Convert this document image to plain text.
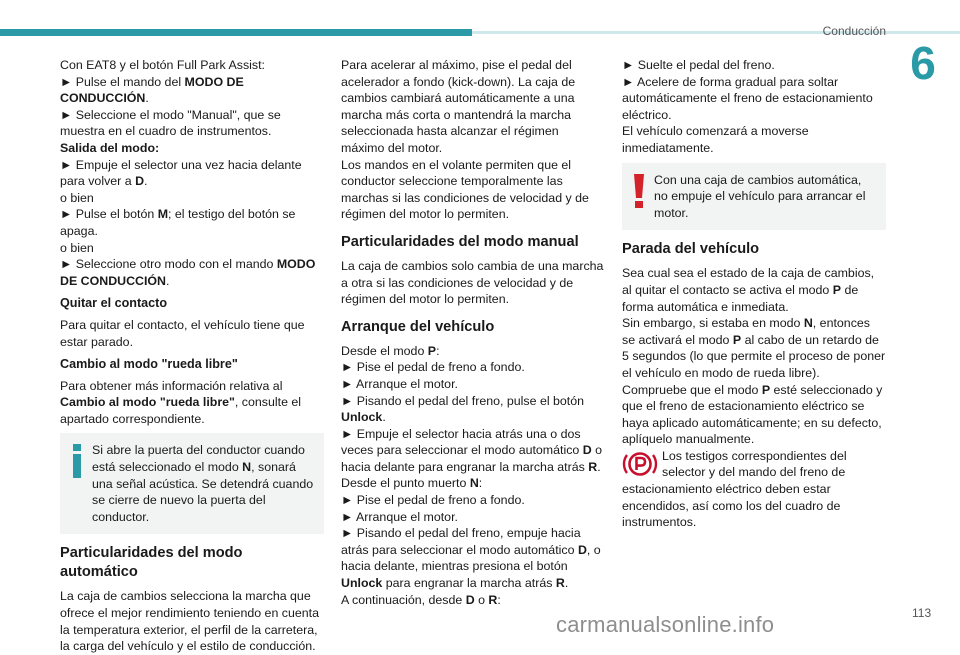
Conducción
6

Con EAT8 y el botón Full Park Assist:

► Pulse el mando del MODO DE CONDUCCIÓN.

► Seleccione el modo "Manual", que se muestra en el cuadro de instrumentos.

Salida del modo:

► Empuje el selector una vez hacia delante para volver a D.

o bien

► Pulse el botón M; el testigo del botón se apaga.

o bien

► Seleccione otro modo con el mando MODO DE CONDUCCIÓN.

Quitar el contacto

Para quitar el contacto, el vehículo tiene que estar parado.

Cambio al modo "rueda libre"

Para obtener más información relativa al Cambio al modo "rueda libre", consulte el apartado correspondiente.

Si abre la puerta del conductor cuando está seleccionado el modo N, sonará una señal acústica. Se detendrá cuando se cierre de nuevo la puerta del conductor.
Particularidades del modo automático

La caja de cambios selecciona la marcha que ofrece el mejor rendimiento teniendo en cuenta la temperatura exterior, el perfil de la carretera, la carga del vehículo y el estilo de conducción.

Para acelerar al máximo, pise el pedal del acelerador a fondo (kick-down). La caja de cambios cambiará automáticamente a una marcha más corta o mantendrá la marcha seleccionada hasta alcanzar el régimen máximo del motor.

Los mandos en el volante permiten que el conductor seleccione temporalmente las marchas si las condiciones de velocidad y de régimen del motor lo permiten.

Particularidades del modo manual

La caja de cambios solo cambia de una marcha a otra si las condiciones de velocidad y de régimen del motor lo permiten.

Arranque del vehículo

Desde el modo P:

► Pise el pedal de freno a fondo.

► Arranque el motor.

► Pisando el pedal del freno, pulse el botón Unlock.

► Empuje el selector hacia atrás una o dos veces para seleccionar el modo automático D o hacia delante para engranar la marcha atrás R.

Desde el punto muerto N:

► Pise el pedal de freno a fondo.

► Arranque el motor.

► Pisando el pedal del freno, empuje hacia atrás para seleccionar el modo automático D, o hacia delante, mientras presiona el botón Unlock para engranar la marcha atrás R.

A continuación, desde D o R:

► Suelte el pedal del freno.

► Acelere de forma gradual para soltar automáticamente el freno de estacionamiento eléctrico.

El vehículo comenzará a moverse inmediatamente.

Con una caja de cambios automática, no empuje el vehículo para arrancar el motor.
Parada del vehículo

Sea cual sea el estado de la caja de cambios, al quitar el contacto se activa el modo P de forma automática e inmediata.

Sin embargo, si estaba en modo N, entonces se activará el modo P al cabo de un retardo de 5 segundos (lo que permite el proceso de poner el vehículo en modo de rueda libre).

Compruebe que el modo P esté seleccionado y que el freno de estacionamiento eléctrico se haya aplicado automáticamente; en su defecto, aplíquelo manualmente.

Los testigos correspondientes del selector y del mando del freno de estacionamiento eléctrico deben estar encendidos, así como los del cuadro de instrumentos.

113
carmanualsonline.info
